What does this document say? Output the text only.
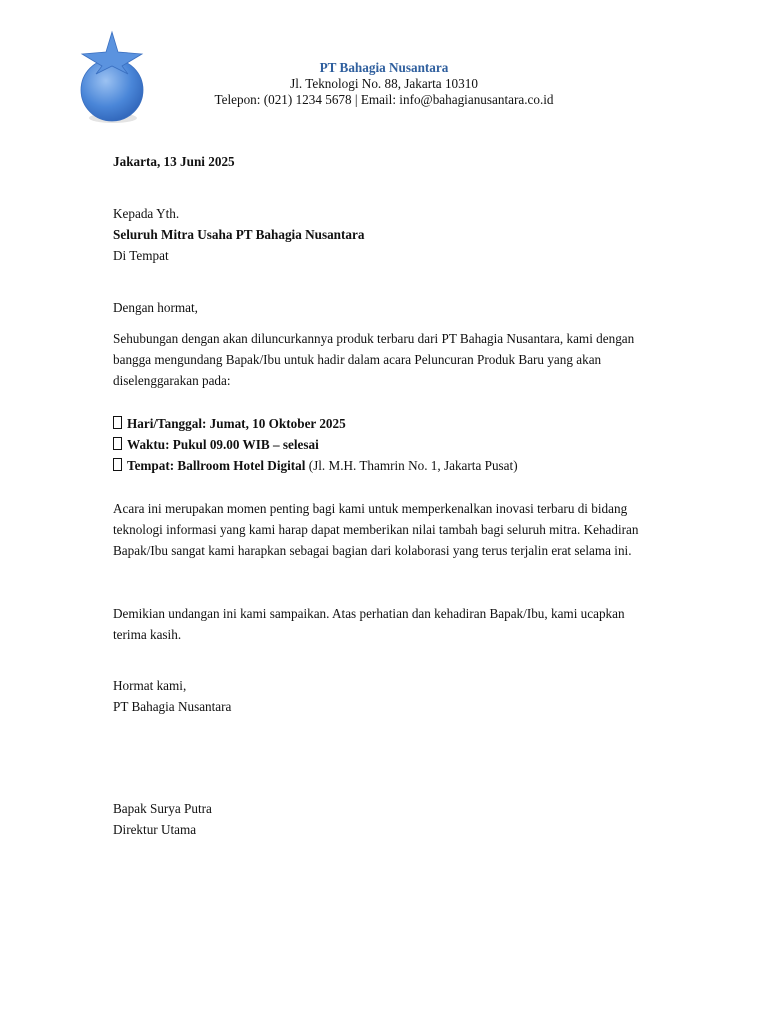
PT Bahagia Nusantara
Jl. Teknologi No. 88, Jakarta 10310
Telepon: (021) 1234 5678 | Email: info@bahagianusantara.co.id
Jakarta, 13 Juni 2025
Kepada Yth.
Seluruh Mitra Usaha PT Bahagia Nusantara
Di Tempat
Dengan hormat,
Sehubungan dengan akan diluncurkannya produk terbaru dari PT Bahagia Nusantara, kami dengan bangga mengundang Bapak/Ibu untuk hadir dalam acara Peluncuran Produk Baru yang akan diselenggarakan pada:
Hari/Tanggal: Jumat, 10 Oktober 2025
Waktu: Pukul 09.00 WIB – selesai
Tempat: Ballroom Hotel Digital (Jl. M.H. Thamrin No. 1, Jakarta Pusat)
Acara ini merupakan momen penting bagi kami untuk memperkenalkan inovasi terbaru di bidang teknologi informasi yang kami harap dapat memberikan nilai tambah bagi seluruh mitra. Kehadiran Bapak/Ibu sangat kami harapkan sebagai bagian dari kolaborasi yang terus terjalin erat selama ini.
Demikian undangan ini kami sampaikan. Atas perhatian dan kehadiran Bapak/Ibu, kami ucapkan terima kasih.
Hormat kami,
PT Bahagia Nusantara
Bapak Surya Putra
Direktur Utama
